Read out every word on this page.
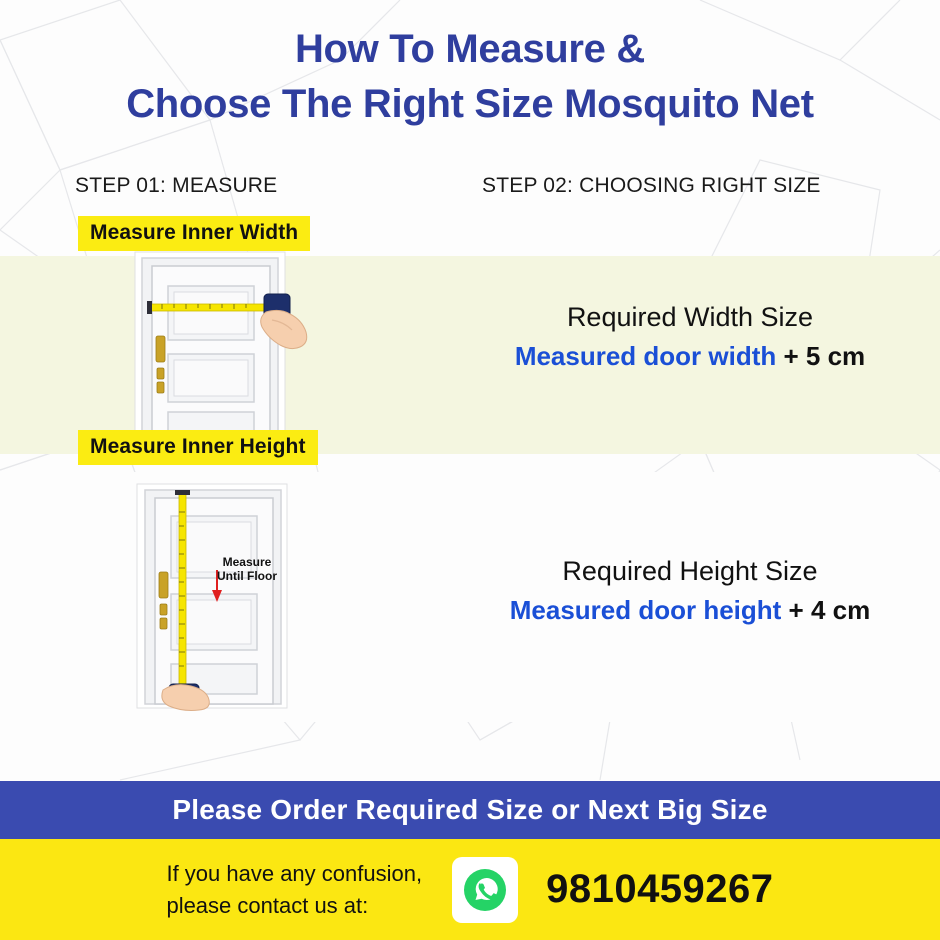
How To Measure &
Choose The Right Size Mosquito Net
STEP 01: MEASURE	STEP 02: CHOOSING RIGHT SIZE
Measure Inner Width
Required Width Size
Measured door width + 5 cm
Measure Inner Height
Measure
Until Floor	Required Height Size
Measured door height + 4 cm
Please Order Required Size or Next Big Size
If you have any confusion,
please contact us at:	9810459267
